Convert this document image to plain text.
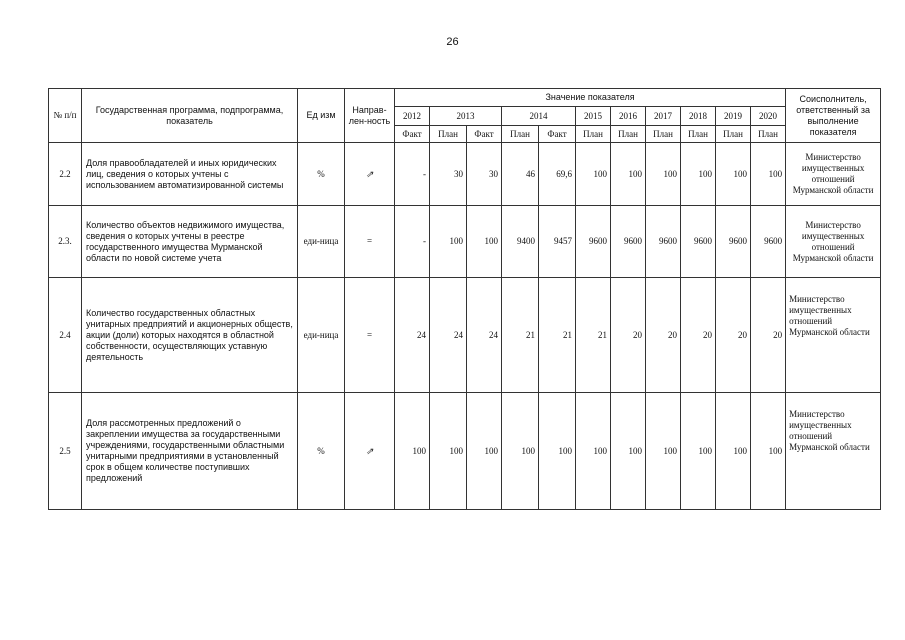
26
№ п/п	Государственная программа, подпрограмма, показатель	Ед изм	Направ-лен-ность	Значение показателя											Соисполнитель, ответственный за выполнение показателя
				2012	2013		2014		2015	2016	2017	2018	2019	2020	
				Факт	План	Факт	План	Факт	План	План	План	План	План	План	
2.2	Доля правообладателей и иных юридических лиц, сведения о которых учтены с использованием автоматизированной системы	%	⇗	-	30	30	46	69,6	100	100	100	100	100	100	Министерство имущественных отношений Мурманской области
2.3.	Количество объектов недвижимого имущества, сведения о которых учтены в реестре государственного имущества Мурманской области по новой системе учета	еди-ница	=	-	100	100	9400	9457	9600	9600	9600	9600	9600	9600	Министерство имущественных отношений Мурманской области
2.4	Количество государственных областных унитарных предприятий и акционерных обществ, акции (доли) которых находятся в областной собственности, осуществляющих уставную деятельность	еди-ница	=	24	24	24	21	21	21	20	20	20	20	20	Министерство имущественных отношений Мурманской области
2.5	Доля рассмотренных предложений о закреплении имущества за государственными учреждениями, государственными областными унитарными предприятиями в установленный срок в общем количестве поступивших предложений	%	⇗	100	100	100	100	100	100	100	100	100	100	100	Министерство имущественных отношений Мурманской области
